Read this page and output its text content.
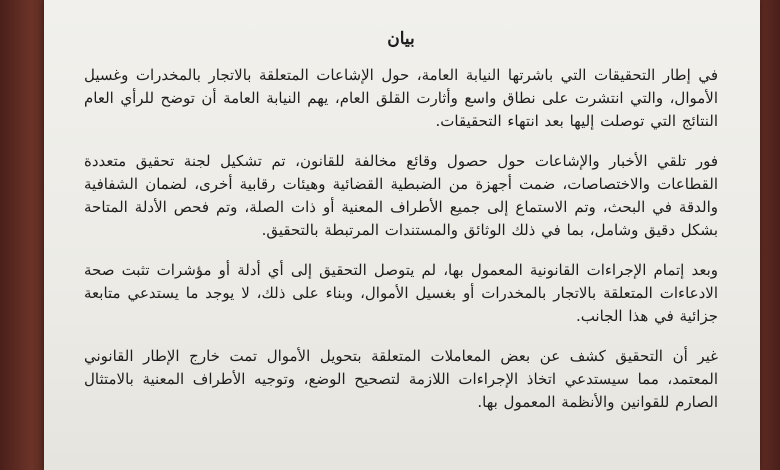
بيان

في إطار التحقيقات التي باشرتها النيابة العامة، حول الإشاعات المتعلقة بالاتجار بالمخدرات وغسيل الأموال، والتي انتشرت على نطاق واسع وأثارت القلق العام، يهم النيابة العامة أن توضح للرأي العام النتائج التي توصلت إليها بعد انتهاء التحقيقات.

فور تلقي الأخبار والإشاعات حول حصول وقائع مخالفة للقانون، تم تشكيل لجنة تحقيق متعددة القطاعات والاختصاصات، ضمت أجهزة من الضبطية القضائية وهيئات رقابية أخرى، لضمان الشفافية والدقة في البحث، وتم الاستماع إلى جميع الأطراف المعنية أو ذات الصلة، وتم فحص الأدلة المتاحة بشكل دقيق وشامل، بما في ذلك الوثائق والمستندات المرتبطة بالتحقيق.

وبعد إتمام الإجراءات القانونية المعمول بها، لم يتوصل التحقيق إلى أي أدلة أو مؤشرات تثبت صحة الادعاءات المتعلقة بالاتجار بالمخدرات أو بغسيل الأموال، وبناء على ذلك، لا يوجد ما يستدعي متابعة جزائية في هذا الجانب.

غير أن التحقيق كشف عن بعض المعاملات المتعلقة بتحويل الأموال تمت خارج الإطار القانوني المعتمد، مما سيستدعي اتخاذ الإجراءات اللازمة لتصحيح الوضع، وتوجيه الأطراف المعنية بالامتثال الصارم للقوانين والأنظمة المعمول بها.
